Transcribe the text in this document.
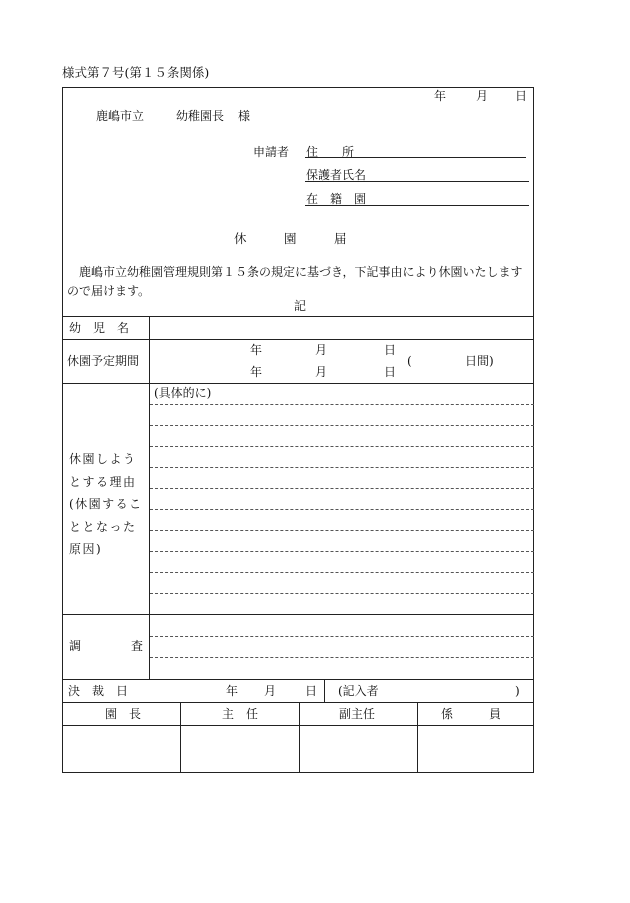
様式第７号(第１５条関係)
年 月 日
鹿嶋市立	幼稚園長 様
申請者 住　　所
保護者氏名
在　籍　園
休　　　園　　　届
鹿嶋市立幼稚園管理規則第１５条の規定に基づき，下記事由により休園いたしますので届けます。
記
幼　児　名
休園予定期間
年	月	日
年	月	日
(	日間)
休園しようとする理由(休園することとなった原因)
(具体的に)
調	査
決　裁　日	年 月 日 (記入者	)
園　長	主　任	副主任	係　　　員
